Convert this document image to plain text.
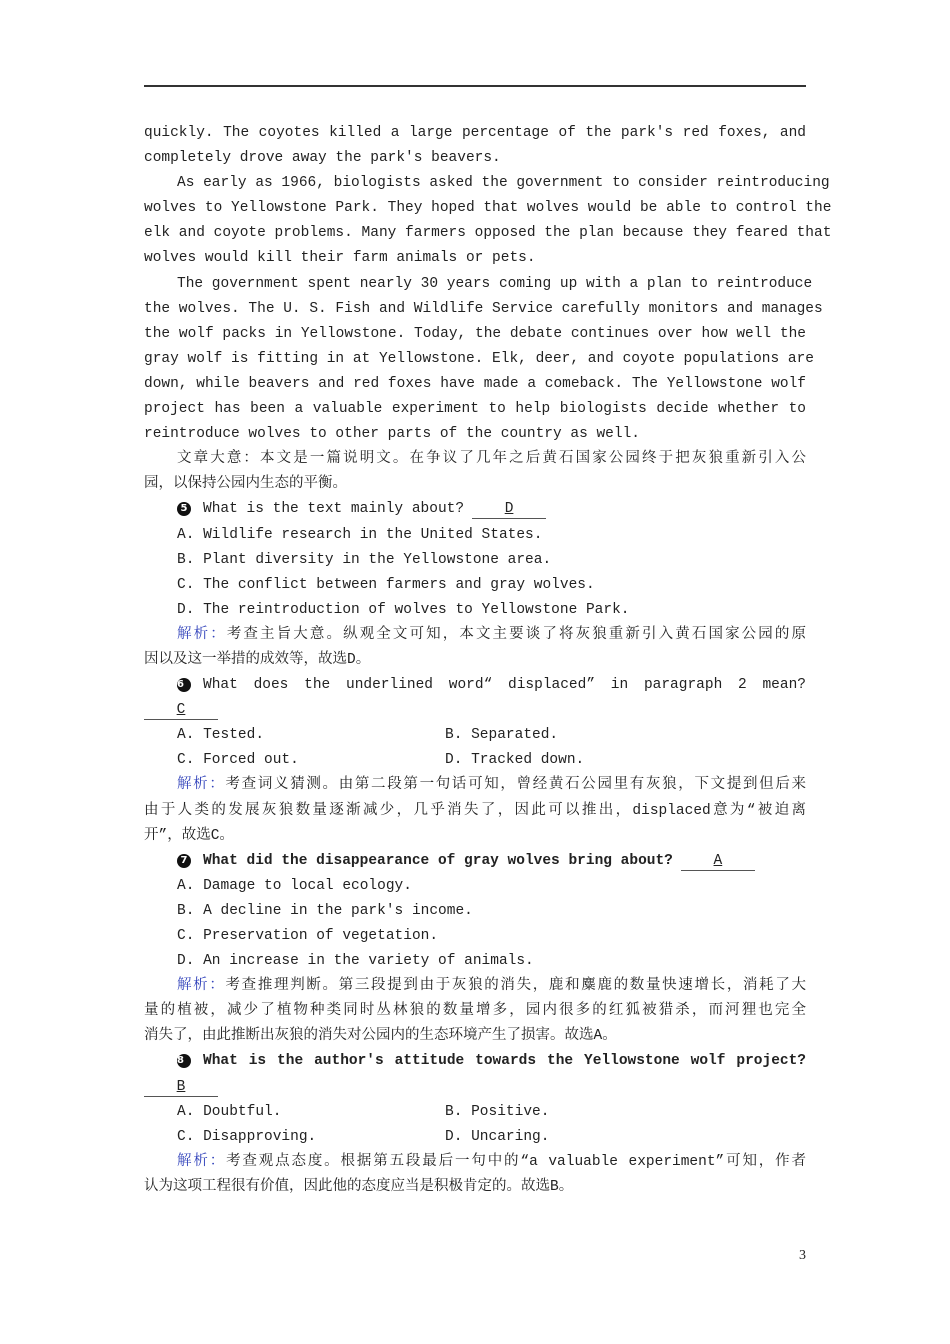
quickly. The coyotes killed a large percentage of the park's red foxes, and
completely drove away the park's beavers.
As early as 1966, biologists asked the government to consider reintroducing
wolves to Yellowstone Park. They hoped that wolves would be able to control the
elk and coyote problems. Many farmers opposed the plan because they feared that
wolves would kill their farm animals or pets.
The government spent nearly 30 years coming up with a plan to reintroduce
the wolves. The U. S. Fish and Wildlife Service carefully monitors and manages
the wolf packs in Yellowstone. Today, the debate continues over how well the
gray wolf is fitting in at Yellowstone. Elk, deer, and coyote populations are
down, while beavers and red foxes have made a comeback. The Yellowstone wolf
project has been a valuable experiment to help biologists decide whether to
reintroduce wolves to other parts of the country as well.
文章大意：本文是一篇说明文。在争议了几年之后黄石国家公园终于把灰狼重新引入公
园，以保持公园内生态的平衡。
5 What is the text mainly about?	D
A. Wildlife research in the United States.
B. Plant diversity in the Yellowstone area.
C. The conflict between farmers and gray wolves.
D. The reintroduction of wolves to Yellowstone Park.
解析：考查主旨大意。纵观全文可知，本文主要谈了将灰狼重新引入黄石国家公园的原
因以及这一举措的成效等，故选D。
6 What does the underlined word“ displaced” in paragraph 2 mean?
C
A. Tested.	B. Separated.
C. Forced out.	D. Tracked down.
解析：考查词义猜测。由第二段第一句话可知，曾经黄石公园里有灰狼，下文提到但后来
由于人类的发展灰狼数量逐渐减少，几乎消失了，因此可以推出，displaced意为“被迫离
开”，故选C。
7 What did the disappearance of gray wolves bring about?	A
A. Damage to local ecology.
B. A decline in the park's income.
C. Preservation of vegetation.
D. An increase in the variety of animals.
解析：考查推理判断。第三段提到由于灰狼的消失，鹿和麋鹿的数量快速增长，消耗了大
量的植被，减少了植物种类同时丛林狼的数量增多，园内很多的红狐被猎杀，而河狸也完全
消失了，由此推断出灰狼的消失对公园内的生态环境产生了损害。故选A。
8 What is the author's attitude towards the Yellowstone wolf project?
B
A. Doubtful.	B. Positive.
C. Disapproving.	D. Uncaring.
解析：考查观点态度。根据第五段最后一句中的“a valuable experiment”可知，作者
认为这项工程很有价值，因此他的态度应当是积极肯定的。故选B。
3
